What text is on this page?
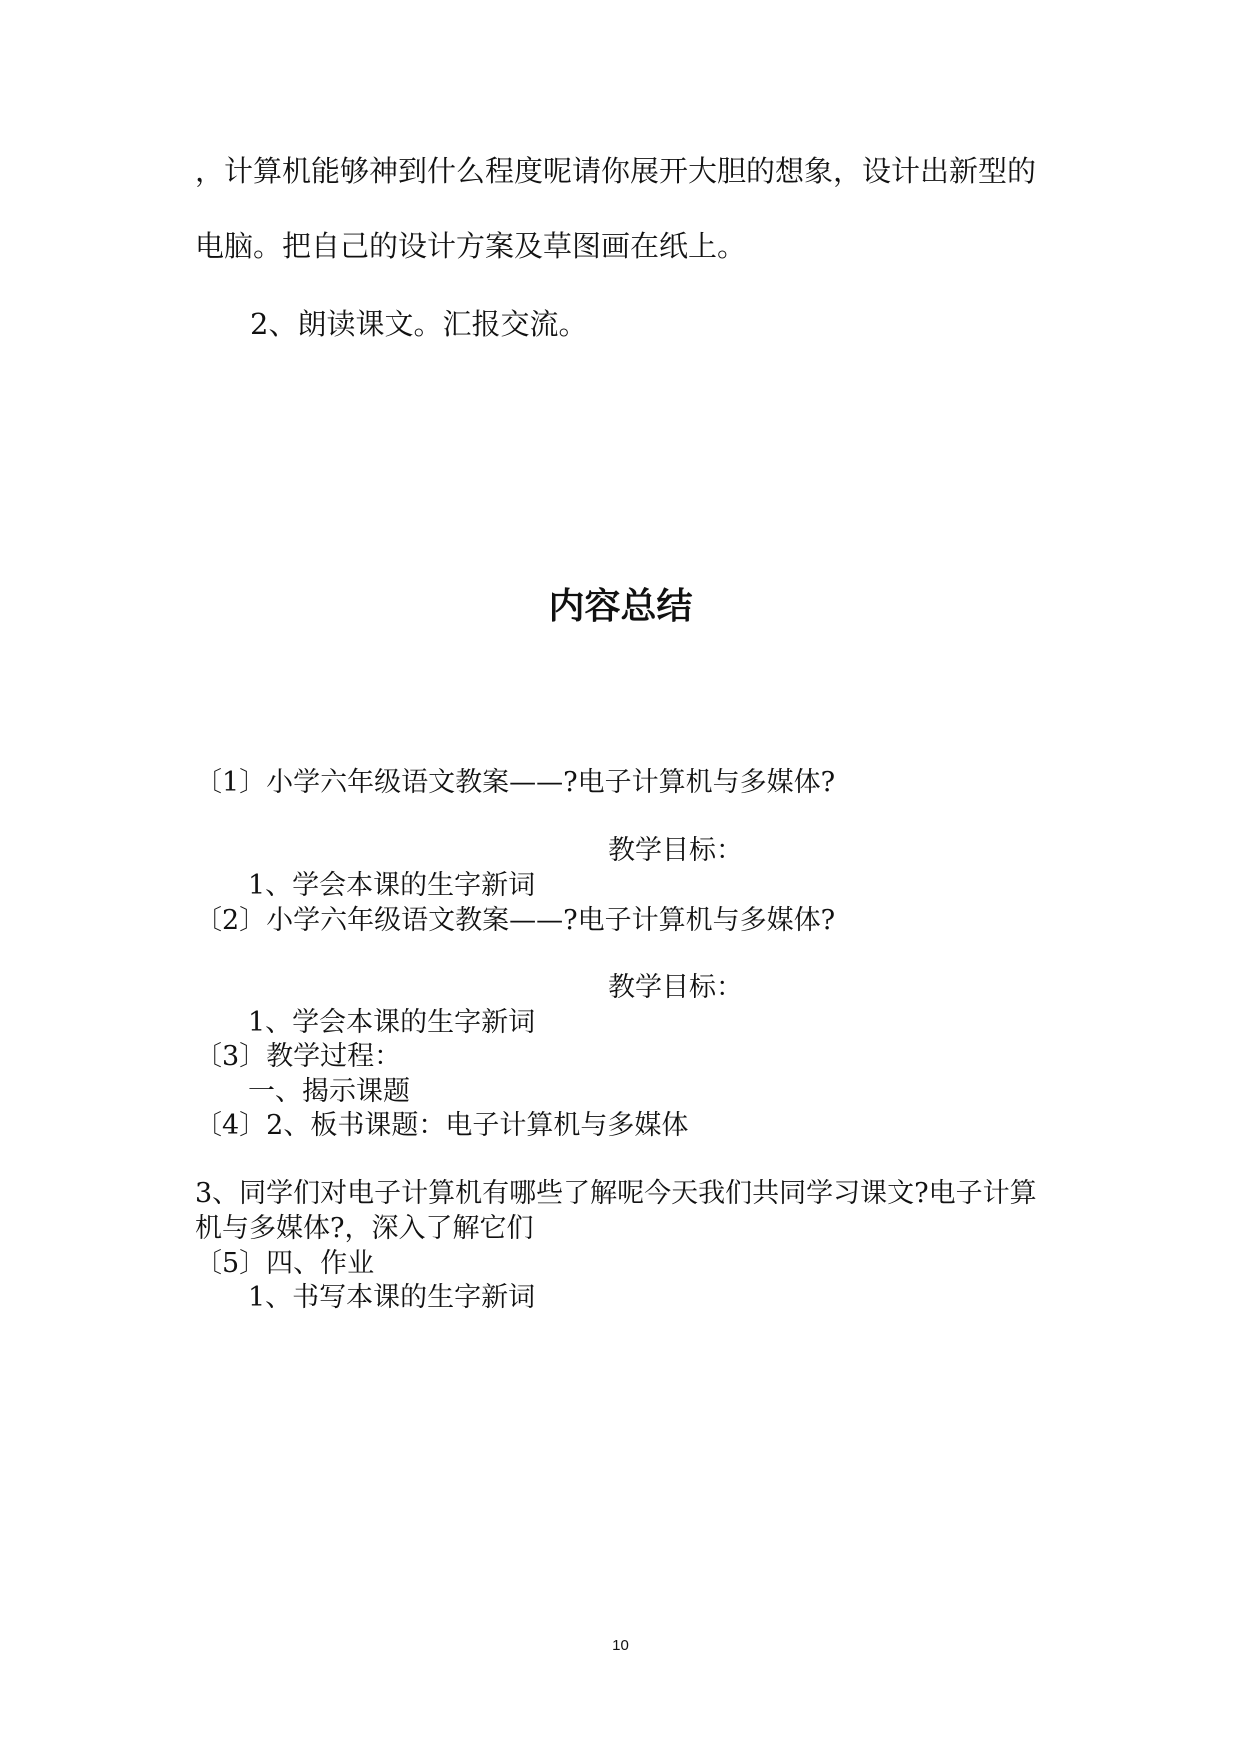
，计算机能够神到什么程度呢请你展开大胆的想象，设计出新型的
电脑。把自己的设计方案及草图画在纸上。
2、朗读课文。汇报交流。
内容总结
〔1〕小学六年级语文教案——?电子计算机与多媒体?
教学目标：
1、学会本课的生字新词
〔2〕小学六年级语文教案——?电子计算机与多媒体?
教学目标：
1、学会本课的生字新词
〔3〕教学过程：
一、揭示课题
〔4〕2、板书课题：电子计算机与多媒体
3、同学们对电子计算机有哪些了解呢今天我们共同学习课文?电子计算
机与多媒体?，深入了解它们
〔5〕四、作业
1、书写本课的生字新词
10
